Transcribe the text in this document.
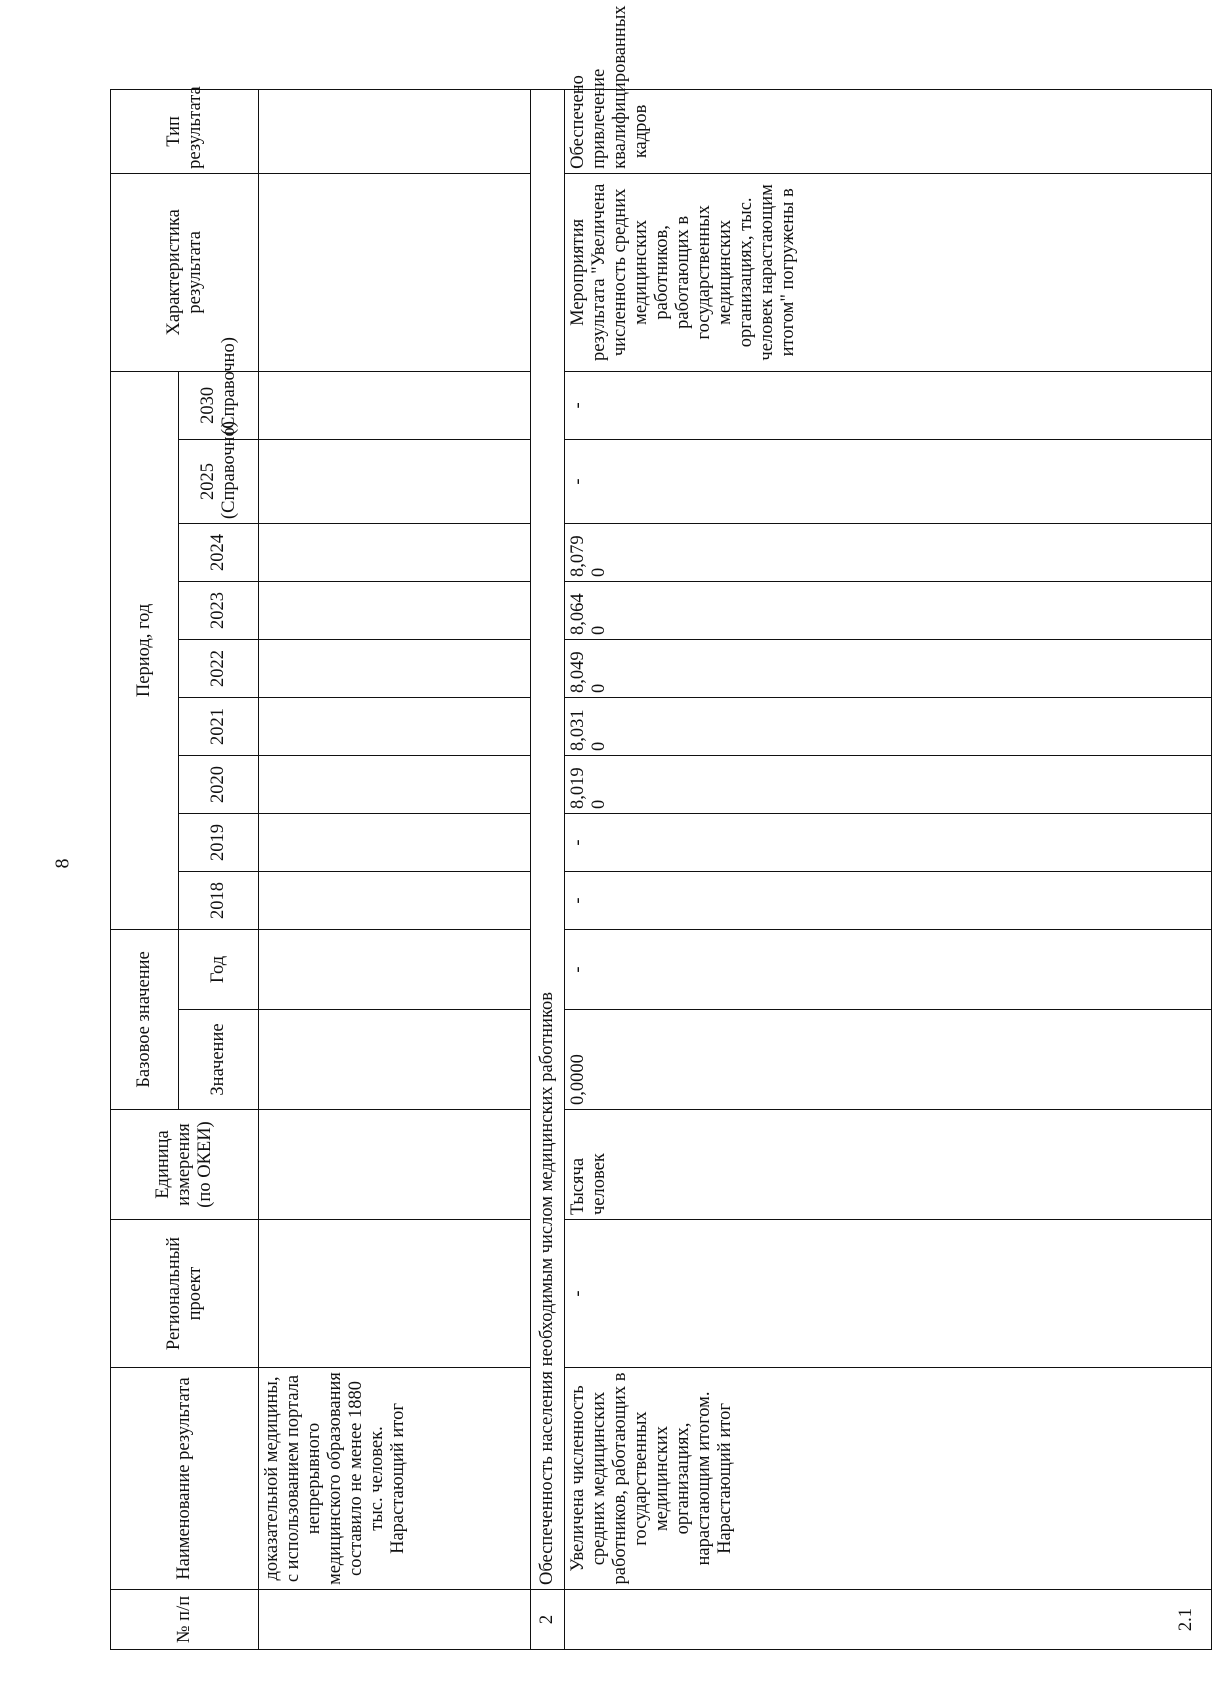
8
№ п/п	Наименование результата	Региональный проект	Единица измерения (по ОКЕИ)	Базовое значение		Период, год									Характеристика результата	Тип результата
				Значение	Год	2018	2019	2020	2021	2022	2023	2024	2025 (Справочно)	2030 (Справочно)		
	доказательной медицины, с использованием портала непрерывного медицинского образования составило не менее 1880 тыс. человек. Нарастающий итог															
2	Обеспеченность населения необходимым числом медицинских работников															
2.1	Увеличена численность средних медицинских работников, работающих в государственных медицинских организациях, нарастающим итогом. Нарастающий итог	-	Тысяча человек	0,0000	-	-	-	8,0190	8,0310	8,0490	8,0640	8,0790	-	-	Мероприятия результата "Увеличена численность средних медицинских работников, работающих в государственных медицинских организациях, тыс. человек нарастающим итогом" погружены в	Обеспечено привлечение квалифицированных кадров
